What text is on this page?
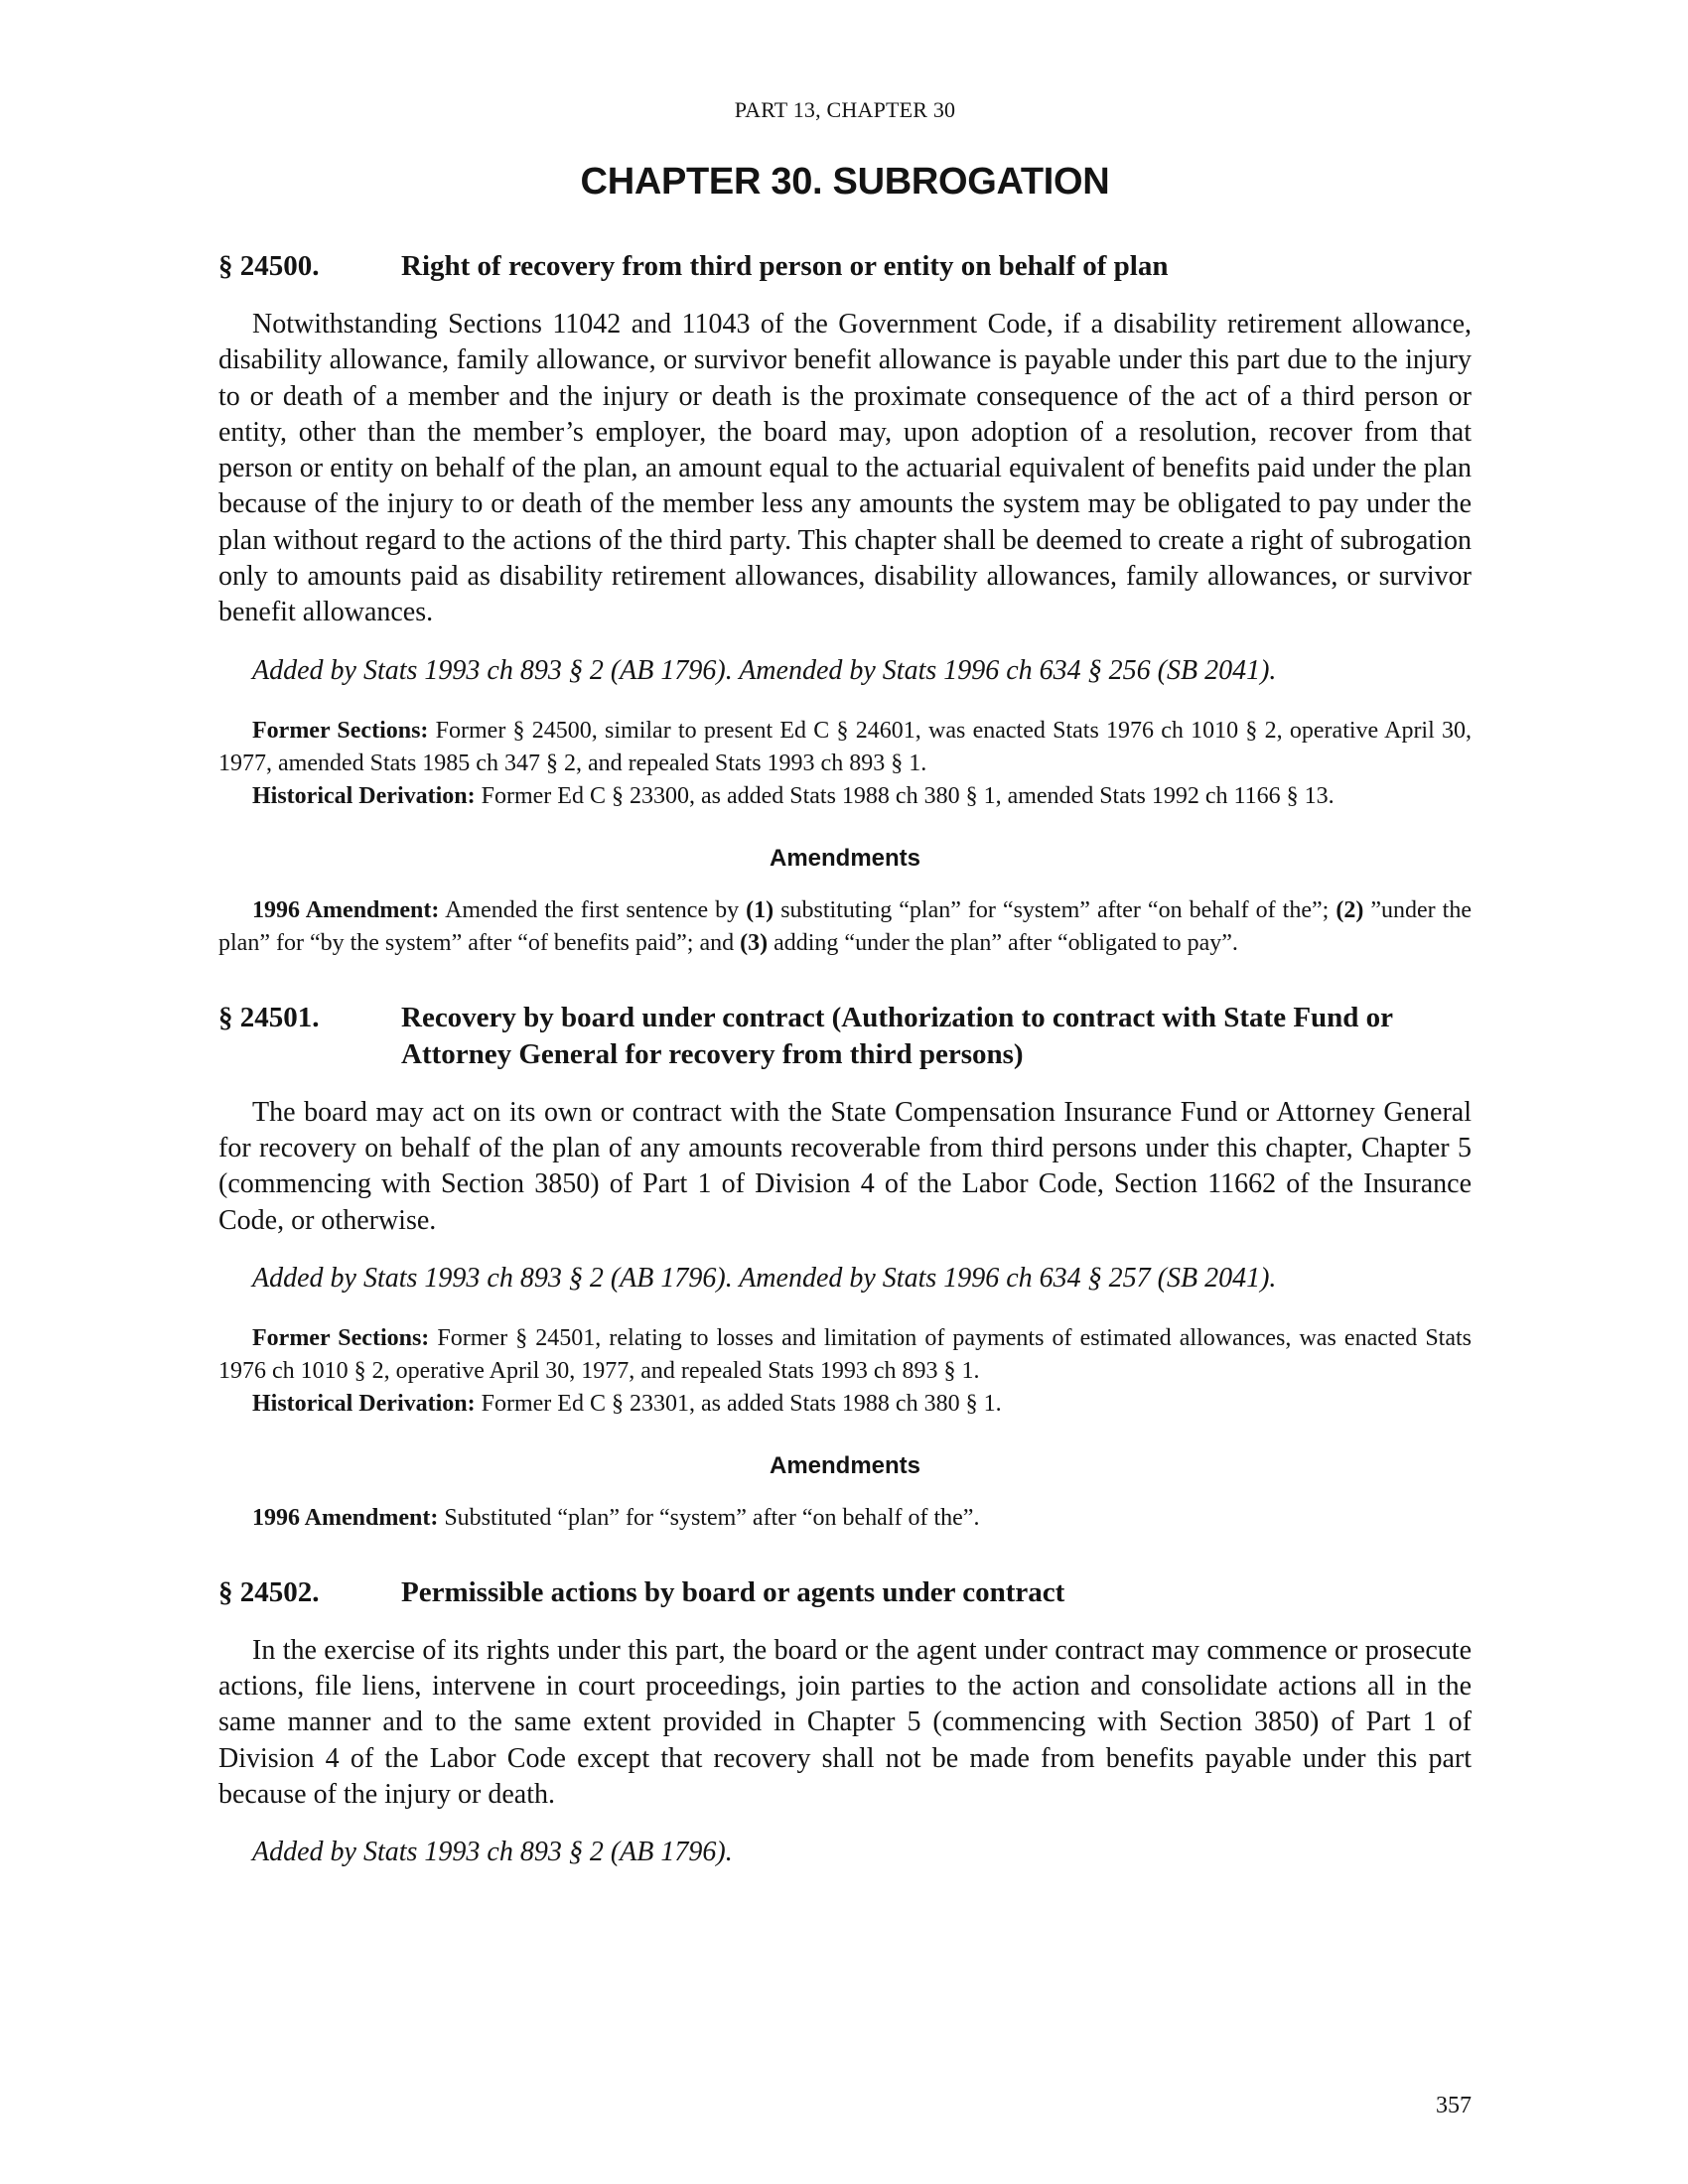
PART 13, CHAPTER 30
CHAPTER 30. SUBROGATION
§ 24500.	Right of recovery from third person or entity on behalf of plan

Notwithstanding Sections 11042 and 11043 of the Government Code, if a disability retirement allowance, disability allowance, family allowance, or survivor benefit allowance is payable under this part due to the injury to or death of a member and the injury or death is the proximate consequence of the act of a third person or entity, other than the member’s employer, the board may, upon adoption of a resolution, recover from that person or entity on behalf of the plan, an amount equal to the actuarial equivalent of benefits paid under the plan because of the injury to or death of the member less any amounts the system may be obligated to pay under the plan without regard to the actions of the third party. This chapter shall be deemed to create a right of subrogation only to amounts paid as disability retirement allowances, disability allowances, family allowances, or survivor benefit allowances.

Added by Stats 1993 ch 893 § 2 (AB 1796). Amended by Stats 1996 ch 634 § 256 (SB 2041).

Former Sections: Former § 24500, similar to present Ed C § 24601, was enacted Stats 1976 ch 1010 § 2, operative April 30, 1977, amended Stats 1985 ch 347 § 2, and repealed Stats 1993 ch 893 § 1.

Historical Derivation: Former Ed C § 23300, as added Stats 1988 ch 380 § 1, amended Stats 1992 ch 1166 § 13.

Amendments

1996 Amendment: Amended the first sentence by (1) substituting “plan” for “system” after “on behalf of the”; (2) ”under the plan” for “by the system” after “of benefits paid”; and (3) adding “under the plan” after “obligated to pay”.

§ 24501.	Recovery by board under contract (Authorization to contract with State Fund or Attorney General for recovery from third persons)

The board may act on its own or contract with the State Compensation Insurance Fund or Attorney General for recovery on behalf of the plan of any amounts recoverable from third persons under this chapter, Chapter 5 (commencing with Section 3850) of Part 1 of Division 4 of the Labor Code, Section 11662 of the Insurance Code, or otherwise.

Added by Stats 1993 ch 893 § 2 (AB 1796). Amended by Stats 1996 ch 634 § 257 (SB 2041).

Former Sections: Former § 24501, relating to losses and limitation of payments of estimated allowances, was enacted Stats 1976 ch 1010 § 2, operative April 30, 1977, and repealed Stats 1993 ch 893 § 1.

Historical Derivation: Former Ed C § 23301, as added Stats 1988 ch 380 § 1.

Amendments

1996 Amendment: Substituted “plan” for “system” after “on behalf of the”.

§ 24502.	Permissible actions by board or agents under contract

In the exercise of its rights under this part, the board or the agent under contract may commence or prosecute actions, file liens, intervene in court proceedings, join parties to the action and consolidate actions all in the same manner and to the same extent provided in Chapter 5 (commencing with Section 3850) of Part 1 of Division 4 of the Labor Code except that recovery shall not be made from benefits payable under this part because of the injury or death.

Added by Stats 1993 ch 893 § 2 (AB 1796).

357
